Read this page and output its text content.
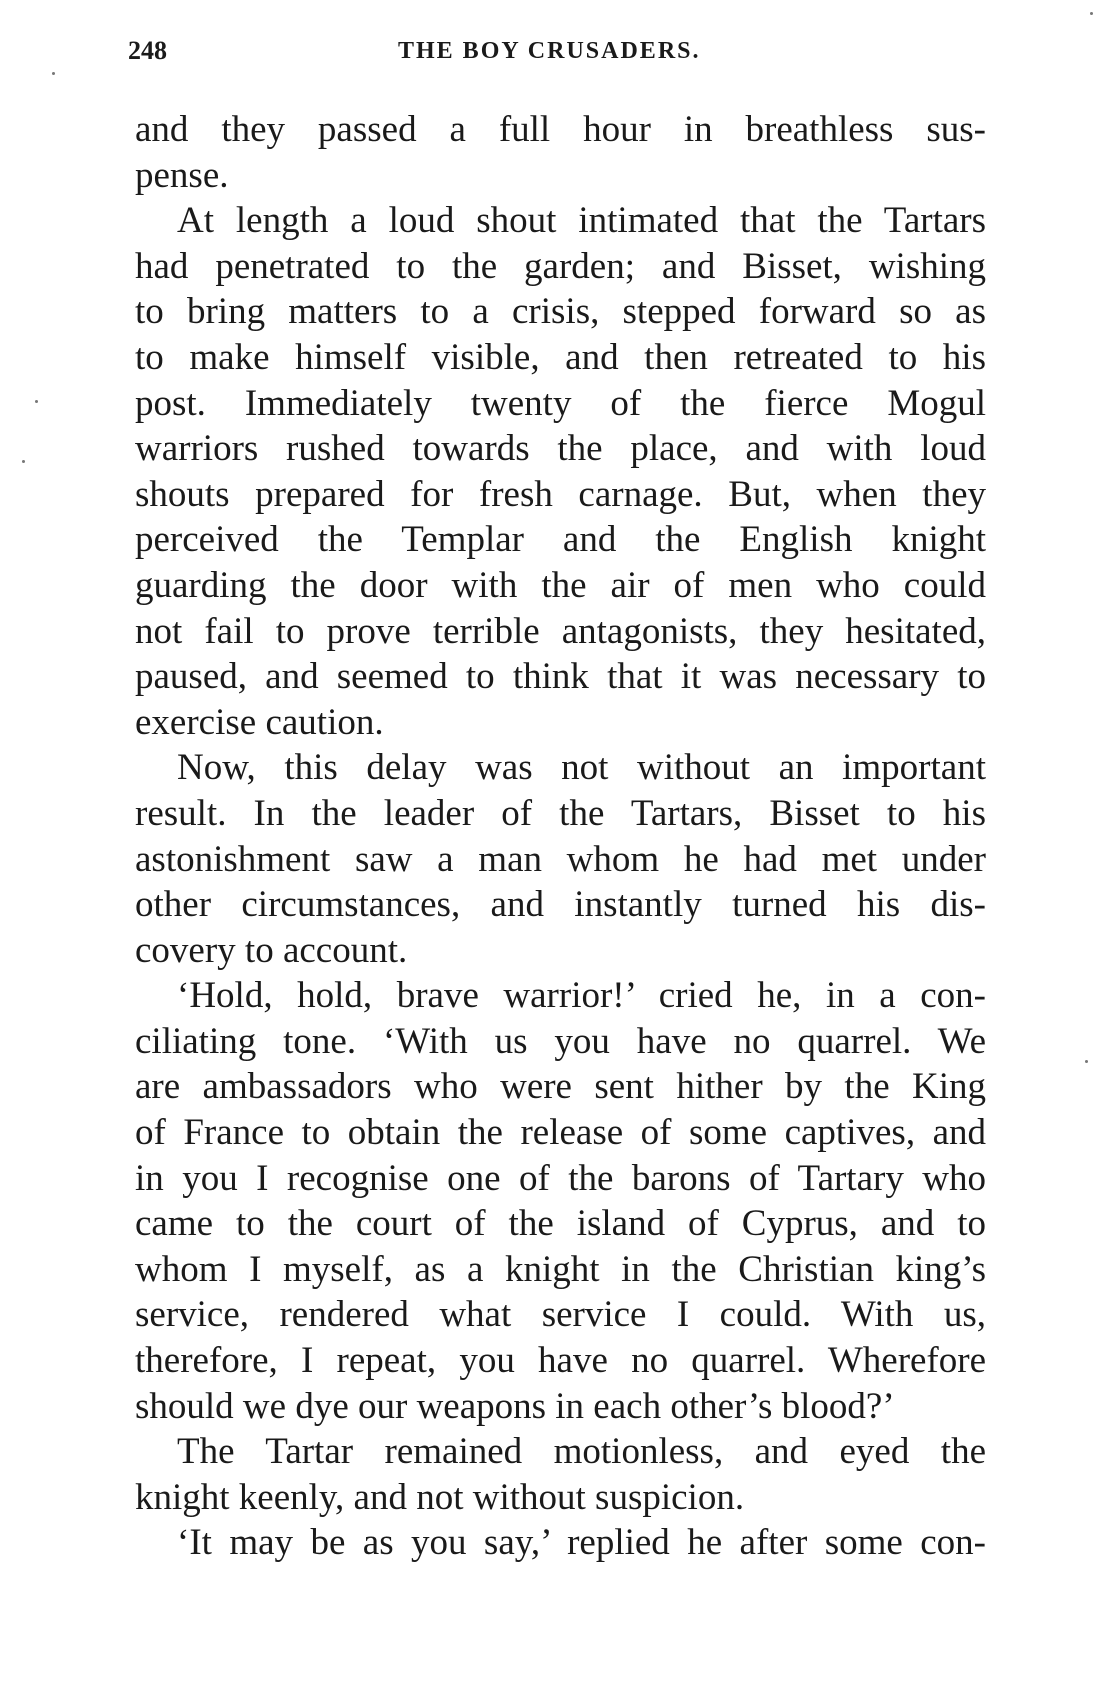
248	THE BOY CRUSADERS.
and they passed a full hour in breathless sus-
pense.
At length a loud shout intimated that the Tartars
had penetrated to the garden; and Bisset, wishing
to bring matters to a crisis, stepped forward so as
to make himself visible, and then retreated to his
post. Immediately twenty of the fierce Mogul
warriors rushed towards the place, and with loud
shouts prepared for fresh carnage. But, when they
perceived the Templar and the English knight
guarding the door with the air of men who could
not fail to prove terrible antagonists, they hesitated,
paused, and seemed to think that it was necessary to
exercise caution.
Now, this delay was not without an important
result. In the leader of the Tartars, Bisset to his
astonishment saw a man whom he had met under
other circumstances, and instantly turned his dis-
covery to account.
‘Hold, hold, brave warrior!’ cried he, in a con-
ciliating tone. ‘With us you have no quarrel. We
are ambassadors who were sent hither by the King
of France to obtain the release of some captives, and
in you I recognise one of the barons of Tartary who
came to the court of the island of Cyprus, and to
whom I myself, as a knight in the Christian king’s
service, rendered what service I could. With us,
therefore, I repeat, you have no quarrel. Wherefore
should we dye our weapons in each other’s blood?’
The Tartar remained motionless, and eyed the
knight keenly, and not without suspicion.
‘It may be as you say,’ replied he after some con-
